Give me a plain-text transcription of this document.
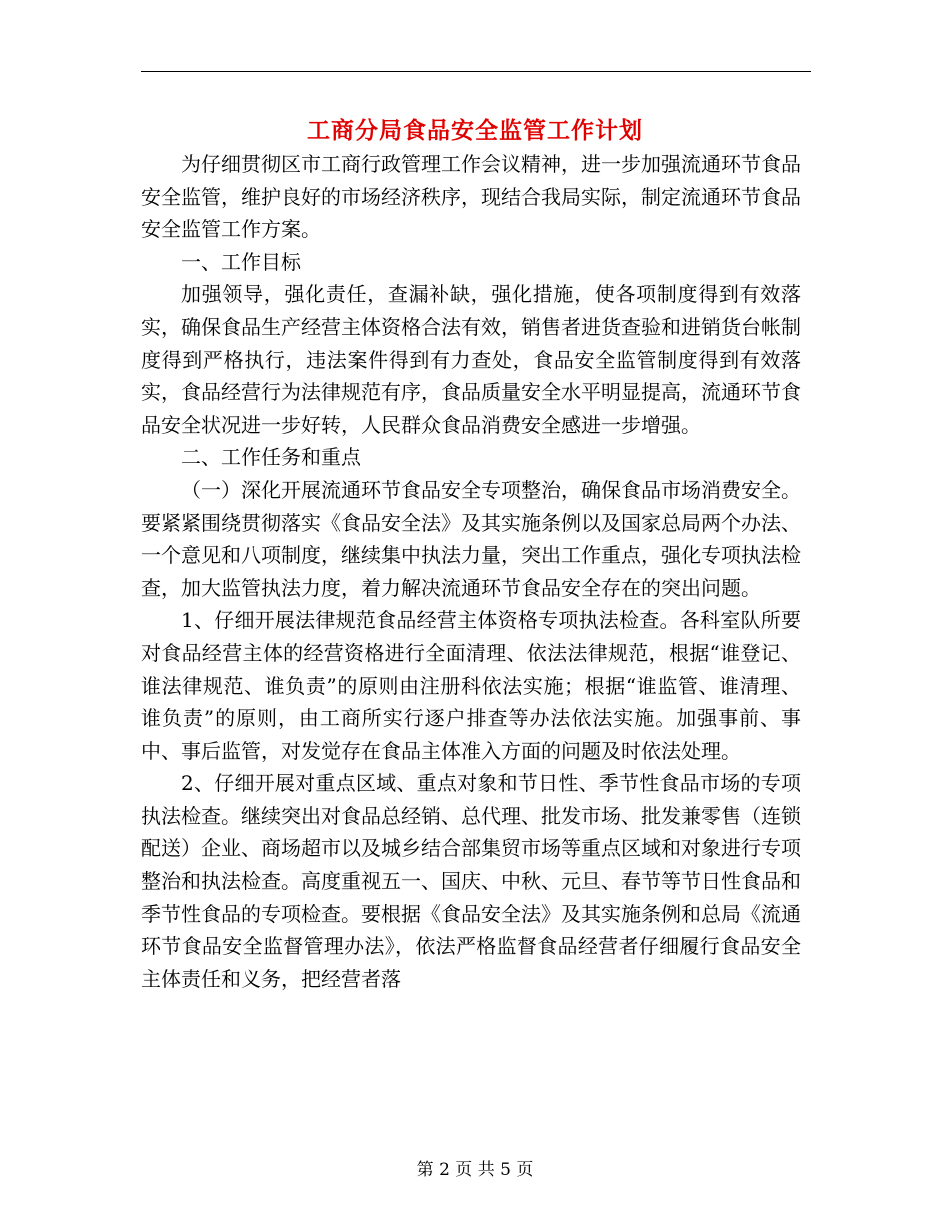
工商分局食品安全监管工作计划

为仔细贯彻区市工商行政管理工作会议精神，进一步加强流通环节食品安全监管，维护良好的市场经济秩序，现结合我局实际，制定流通环节食品安全监管工作方案。

一、工作目标

加强领导，强化责任，查漏补缺，强化措施，使各项制度得到有效落实，确保食品生产经营主体资格合法有效，销售者进货查验和进销货台帐制度得到严格执行，违法案件得到有力查处，食品安全监管制度得到有效落实，食品经营行为法律规范有序，食品质量安全水平明显提高，流通环节食品安全状况进一步好转，人民群众食品消费安全感进一步增强。

二、工作任务和重点

（一）深化开展流通环节食品安全专项整治，确保食品市场消费安全。要紧紧围绕贯彻落实《食品安全法》及其实施条例以及国家总局两个办法、一个意见和八项制度，继续集中执法力量，突出工作重点，强化专项执法检查，加大监管执法力度，着力解决流通环节食品安全存在的突出问题。

1、仔细开展法律规范食品经营主体资格专项执法检查。各科室队所要对食品经营主体的经营资格进行全面清理、依法法律规范，根据“谁登记、谁法律规范、谁负责”的原则由注册科依法实施；根据“谁监管、谁清理、谁负责”的原则，由工商所实行逐户排查等办法依法实施。加强事前、事中、事后监管，对发觉存在食品主体准入方面的问题及时依法处理。

2、仔细开展对重点区域、重点对象和节日性、季节性食品市场的专项执法检查。继续突出对食品总经销、总代理、批发市场、批发兼零售（连锁配送）企业、商场超市以及城乡结合部集贸市场等重点区域和对象进行专项整治和执法检查。高度重视五一、国庆、中秋、元旦、春节等节日性食品和季节性食品的专项检查。要根据《食品安全法》及其实施条例和总局《流通环节食品安全监督管理办法》，依法严格监督食品经营者仔细履行食品安全主体责任和义务，把经营者落

第 2 页 共 5 页
